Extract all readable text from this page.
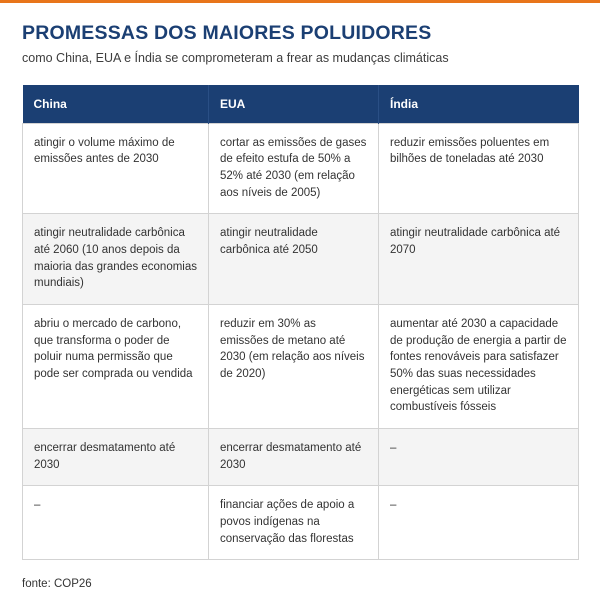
PROMESSAS DOS MAIORES POLUIDORES

como China, EUA e Índia se comprometeram a frear as mudanças climáticas

China	EUA	Índia
atingir o volume máximo de emissões antes de 2030	cortar as emissões de gases de efeito estufa de 50% a 52% até 2030 (em relação aos níveis de 2005)	reduzir emissões poluentes em bilhões de toneladas até 2030
atingir neutralidade carbônica até 2060 (10 anos depois da maioria das grandes economias mundiais)	atingir neutralidade carbônica até 2050	atingir neutralidade carbônica até 2070
abriu o mercado de carbono, que transforma o poder de poluir numa permissão que pode ser comprada ou vendida	reduzir em 30% as emissões de metano até 2030 (em relação aos níveis de 2020)	aumentar até 2030 a capacidade de produção de energia a partir de fontes renováveis para satisfazer 50% das suas necessidades energéticas sem utilizar combustíveis fósseis
encerrar desmatamento até 2030	encerrar desmatamento até 2030	–
–	financiar ações de apoio a povos indígenas na conservação das florestas	–
fonte: COP26
